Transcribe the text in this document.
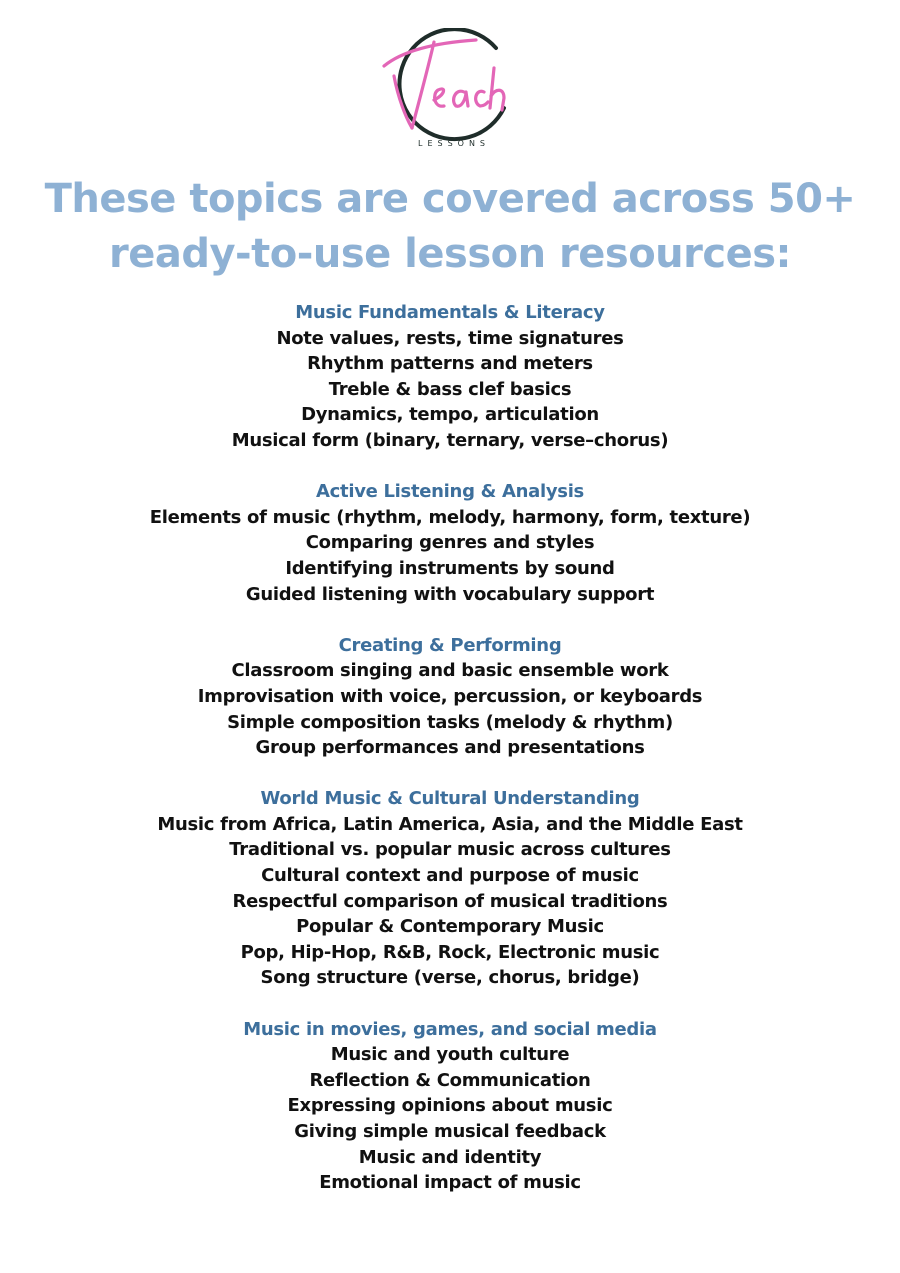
LESSONS
These topics are covered across 50+
ready-to-use lesson resources:
Music Fundamentals & Literacy
Note values, rests, time signatures
Rhythm patterns and meters
Treble & bass clef basics
Dynamics, tempo, articulation
Musical form (binary, ternary, verse–chorus)
Active Listening & Analysis
Elements of music (rhythm, melody, harmony, form, texture)
Comparing genres and styles
Identifying instruments by sound
Guided listening with vocabulary support
Creating & Performing
Classroom singing and basic ensemble work
Improvisation with voice, percussion, or keyboards
Simple composition tasks (melody & rhythm)
Group performances and presentations
World Music & Cultural Understanding
Music from Africa, Latin America, Asia, and the Middle East
Traditional vs. popular music across cultures
Cultural context and purpose of music
Respectful comparison of musical traditions
Popular & Contemporary Music
Pop, Hip-Hop, R&B, Rock, Electronic music
Song structure (verse, chorus, bridge)
Music in movies, games, and social media
Music and youth culture
Reflection & Communication
Expressing opinions about music
Giving simple musical feedback
Music and identity
Emotional impact of music
